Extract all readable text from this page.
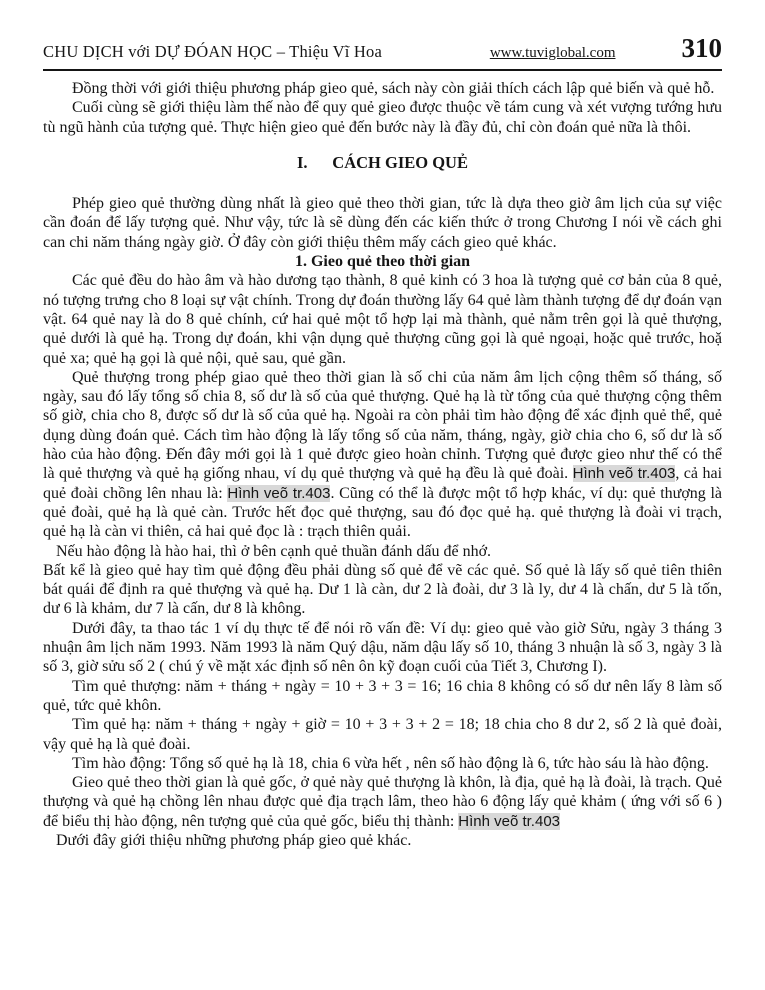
CHU DỊCH với DỰ ĐÓAN HỌC – Thiệu Vĩ Hoa	www.tuviglobal.com 310

Đồng thời với giới thiệu phương pháp gieo quẻ, sách này còn giải thích cách lập quẻ biến và quẻ hỗ.

Cuối cùng sẽ giới thiệu làm thế nào để quy quẻ gieo được thuộc về tám cung và xét vượng tướng hưu tù ngũ hành của tượng quẻ. Thực hiện gieo quẻ đến bước này là đầy đủ, chỉ còn đoán quẻ nữa là thôi.

I.      CÁCH GIEO QUẺ

Phép gieo quẻ thường dùng nhất là gieo quẻ theo thời gian, tức là dựa theo giờ âm lịch của sự việc cần đoán để lấy tượng quẻ. Như vậy, tức là sẽ dùng đến các kiến thức ở trong Chương I nói về cách ghi can chi năm tháng ngày giờ. Ở đây còn giới thiệu thêm mấy cách gieo quẻ khác.

1. Gieo quẻ theo thời gian

Các quẻ đều do hào âm và hào dương tạo thành, 8 quẻ kinh có 3 hoa là tượng quẻ cơ bản của 8 quẻ, nó tượng trưng cho 8 loại sự vật chính. Trong dự đoán thường lấy 64 quẻ làm thành tượng để dự đoán vạn vật. 64 quẻ nay là do 8 quẻ chính, cứ hai quẻ một tổ hợp lại mà thành, quẻ nằm trên gọi là quẻ thượng, quẻ dưới là quẻ hạ. Trong dự đoán, khi vận dụng quẻ thượng cũng gọi là quẻ ngoại, hoặc quẻ trước, hoặ quẻ xa; quẻ hạ gọi là quẻ nội, quẻ sau, quẻ gần.

Quẻ thượng trong phép giao quẻ theo thời gian là số chi của năm âm lịch cộng thêm số tháng, số ngày, sau đó lấy tổng số chia 8, số dư là số của quẻ thượng. Quẻ hạ là từ tổng của quẻ thượng cộng thêm số giờ, chia cho 8, được số dư là số của quẻ hạ. Ngoài ra còn phải tìm hào động để xác định quẻ thể, quẻ dụng dùng đoán quẻ. Cách tìm hào động là lấy tổng số của năm, tháng, ngày, giờ chia cho 6, số dư là số hào của hào động. Đến đây mới gọi là 1 quẻ được gieo hoàn chỉnh. Tượng quẻ được gieo như thế có thể là quẻ thượng và quẻ hạ giống nhau, ví dụ quẻ thượng và quẻ hạ đều là quẻ đoài. Hình veõ tr.403, cả hai quẻ đoài chồng lên nhau là: Hình veõ tr.403. Cũng có thể là được một tổ hợp khác, ví dụ: quẻ thượng là quẻ đoài, quẻ hạ là quẻ càn. Trước hết đọc quẻ thượng, sau đó đọc quẻ hạ. quẻ thượng là đoài vi trạch, quẻ hạ là càn vi thiên, cả hai quẻ đọc là : trạch thiên quải.

Nếu hào động là hào hai, thì ở bên cạnh quẻ thuần đánh dấu để nhớ.

Bất kể là gieo quẻ hay tìm quẻ động đều phải dùng số quẻ để vẽ các quẻ. Số quẻ là lấy số quẻ tiên thiên bát quái để định ra quẻ thượng và quẻ hạ. Dư 1 là càn, dư 2 là đoài, dư 3 là ly, dư 4 là chấn, dư 5 là tốn, dư 6 là khảm, dư 7 là cấn, dư 8 là không.

Dưới đây, ta thao tác 1 ví dụ thực tế để nói rõ vấn đề: Ví dụ: gieo quẻ vào giờ Sửu, ngày 3 tháng 3 nhuận âm lịch năm 1993. Năm 1993 là năm Quý dậu, năm dậu lấy số 10, tháng 3 nhuận là số 3, ngày 3 là số 3, giờ sửu số 2 ( chú ý về mặt xác định số nên ôn kỹ đoạn cuối của Tiết 3, Chương I).

Tìm quẻ thượng: năm + tháng + ngày = 10 + 3 + 3 = 16; 16 chia 8 không có số dư nên lấy 8 làm số quẻ, tức quẻ khôn.

Tìm quẻ hạ: năm + tháng + ngày + giờ = 10 + 3 + 3 + 2 = 18; 18 chia cho 8 dư 2, số 2 là quẻ đoài, vậy quẻ hạ là quẻ đoài.

Tìm hào động: Tổng số quẻ hạ là 18, chia 6 vừa hết , nên số hào động là 6, tức hào sáu là hào động.

Gieo quẻ theo thời gian là quẻ gốc, ở quẻ này quẻ thượng là khôn, là địa, quẻ hạ là đoài, là trạch. Quẻ thượng và quẻ hạ chồng lên nhau được quẻ địa trạch lâm, theo hào 6 động lấy quẻ khảm ( ứng với số 6 ) để biểu thị hào động, nên tượng quẻ của quẻ gốc, biểu thị thành: Hình veõ tr.403

Dưới đây giới thiệu những phương pháp gieo quẻ khác.
